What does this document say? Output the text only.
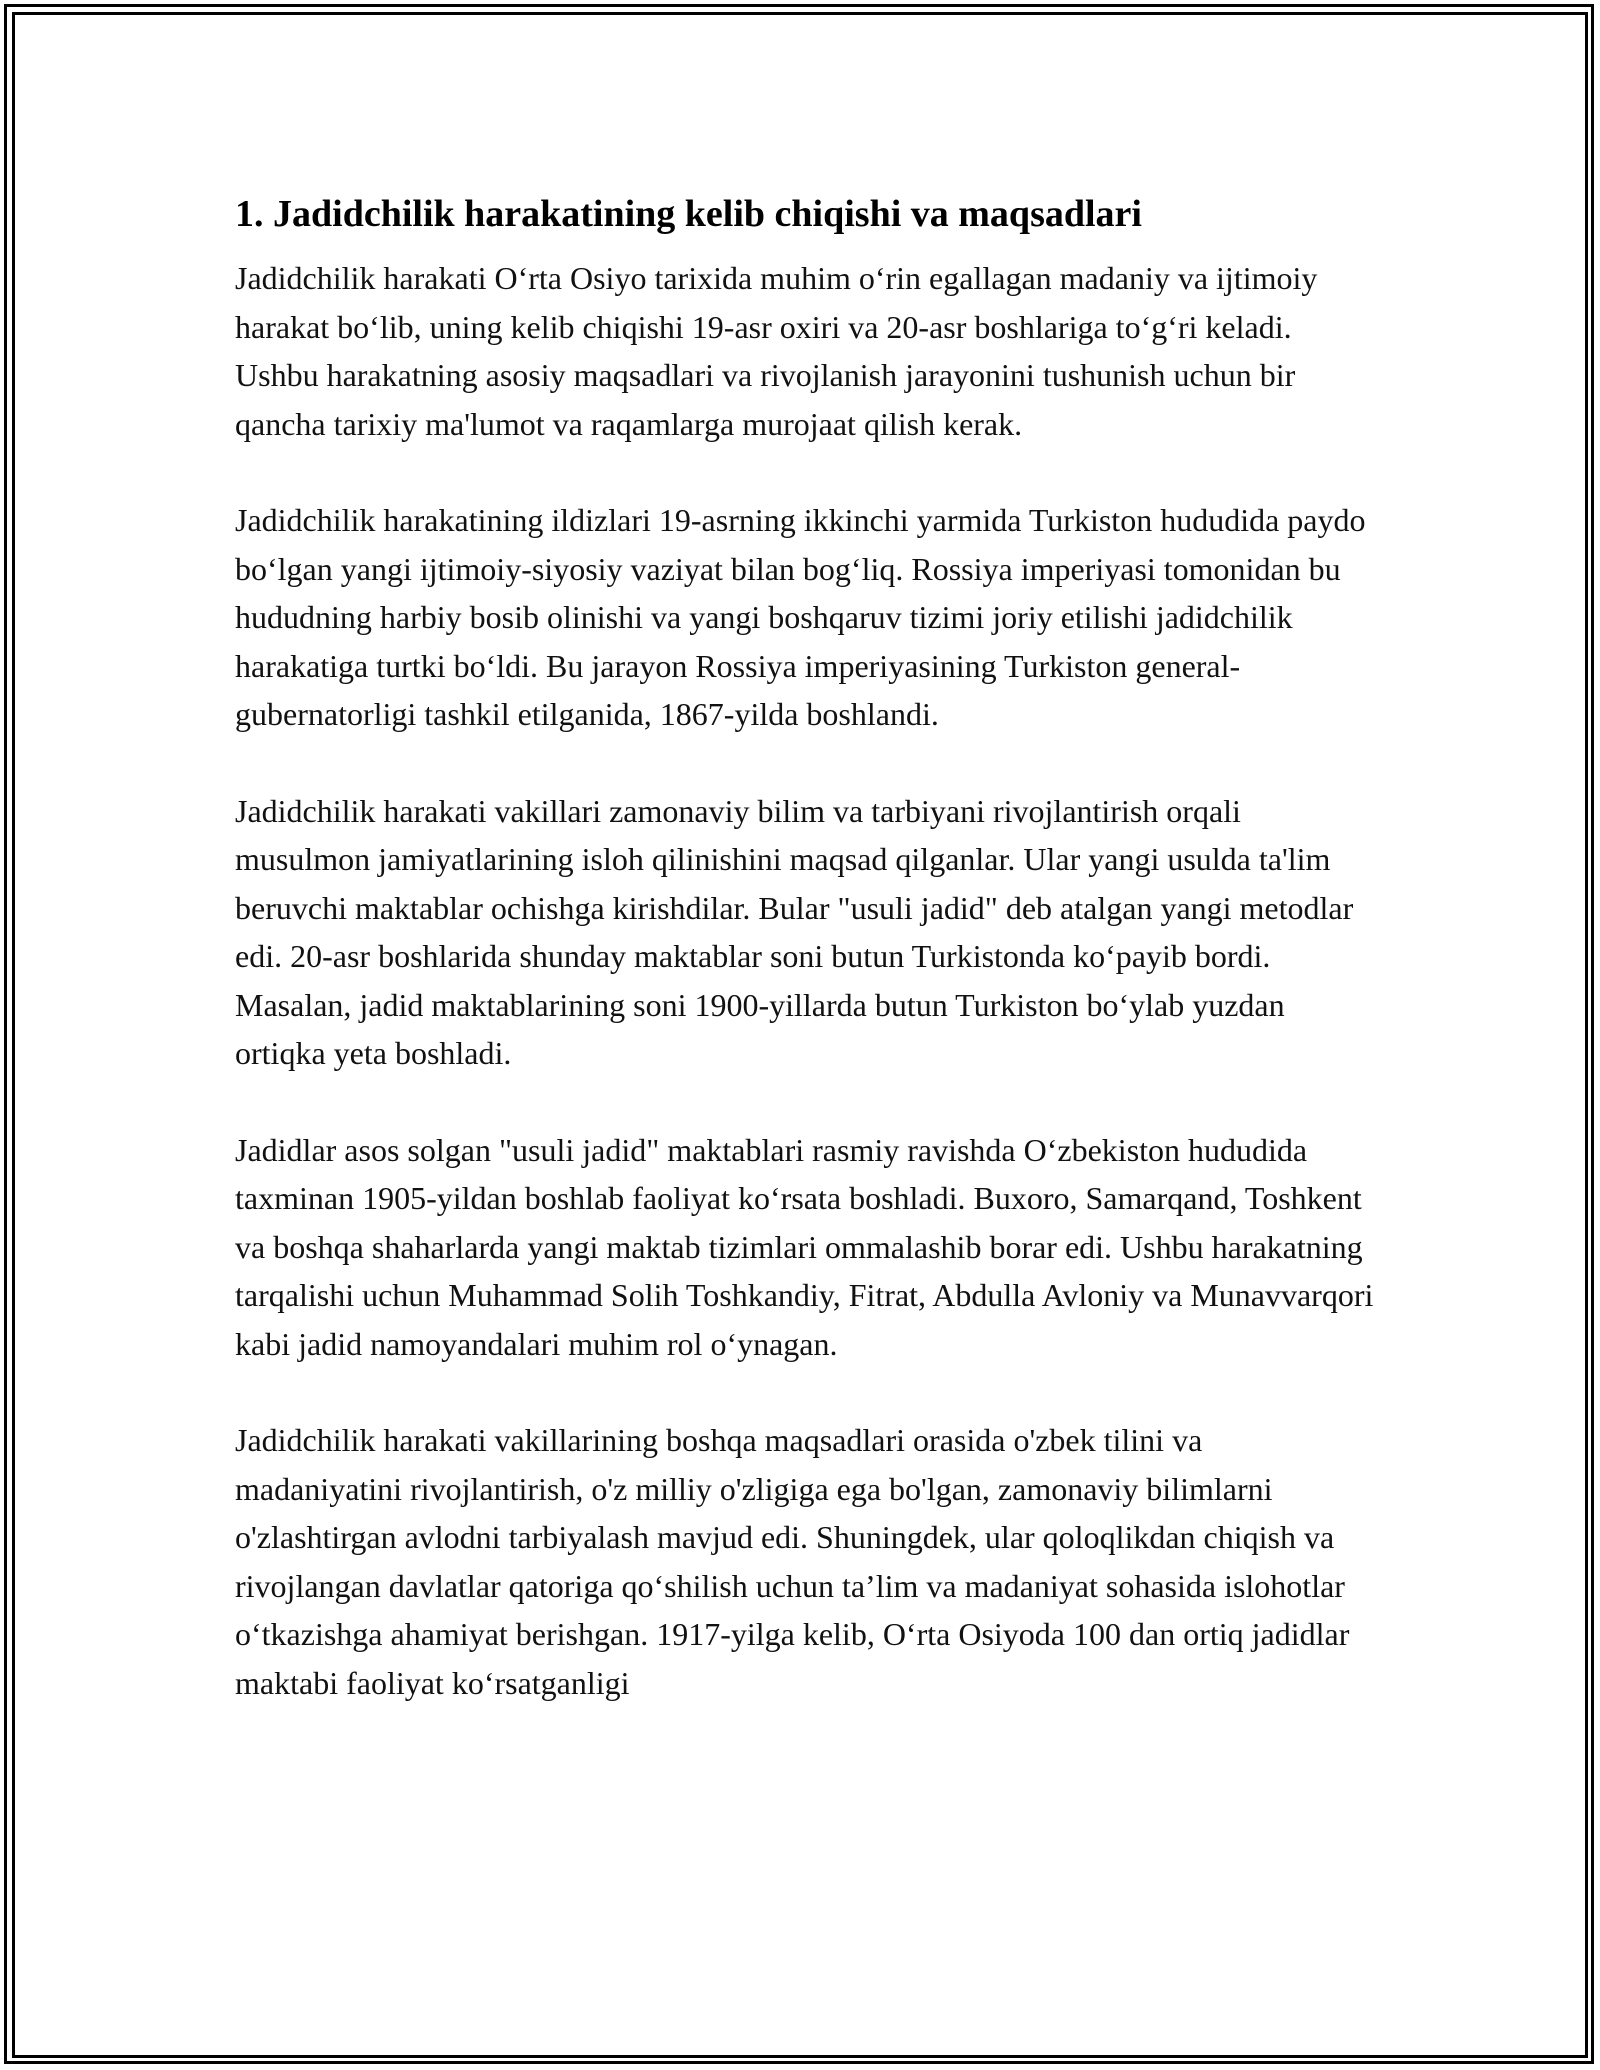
1. Jadidchilik harakatining kelib chiqishi va maqsadlari

Jadidchilik harakati O‘rta Osiyo tarixida muhim o‘rin egallagan madaniy va ijtimoiy harakat bo‘lib, uning kelib chiqishi 19-asr oxiri va 20-asr boshlariga to‘g‘ri keladi. Ushbu harakatning asosiy maqsadlari va rivojlanish jarayonini tushunish uchun bir qancha tarixiy ma'lumot va raqamlarga murojaat qilish kerak.

Jadidchilik harakatining ildizlari 19-asrning ikkinchi yarmida Turkiston hududida paydo bo‘lgan yangi ijtimoiy-siyosiy vaziyat bilan bog‘liq. Rossiya imperiyasi tomonidan bu hududning harbiy bosib olinishi va yangi boshqaruv tizimi joriy etilishi jadidchilik harakatiga turtki bo‘ldi. Bu jarayon Rossiya imperiyasining Turkiston general-gubernatorligi tashkil etilganida, 1867-yilda boshlandi.

Jadidchilik harakati vakillari zamonaviy bilim va tarbiyani rivojlantirish orqali musulmon jamiyatlarining isloh qilinishini maqsad qilganlar. Ular yangi usulda ta'lim beruvchi maktablar ochishga kirishdilar. Bular "usuli jadid" deb atalgan yangi metodlar edi. 20-asr boshlarida shunday maktablar soni butun Turkistonda ko‘payib bordi. Masalan, jadid maktablarining soni 1900-yillarda butun Turkiston bo‘ylab yuzdan ortiqka yeta boshladi.

Jadidlar asos solgan "usuli jadid" maktablari rasmiy ravishda O‘zbekiston hududida taxminan 1905-yildan boshlab faoliyat ko‘rsata boshladi. Buxoro, Samarqand, Toshkent va boshqa shaharlarda yangi maktab tizimlari ommalashib borar edi. Ushbu harakatning tarqalishi uchun Muhammad Solih Toshkandiy, Fitrat, Abdulla Avloniy va Munavvarqori kabi jadid namoyandalari muhim rol o‘ynagan.

Jadidchilik harakati vakillarining boshqa maqsadlari orasida o'zbek tilini va madaniyatini rivojlantirish, o'z milliy o'zligiga ega bo'lgan, zamonaviy bilimlarni o'zlashtirgan avlodni tarbiyalash mavjud edi. Shuningdek, ular qoloqlikdan chiqish va rivojlangan davlatlar qatoriga qo‘shilish uchun ta’lim va madaniyat sohasida islohotlar o‘tkazishga ahamiyat berishgan. 1917-yilga kelib, O‘rta Osiyoda 100 dan ortiq jadidlar maktabi faoliyat ko‘rsatganligi
